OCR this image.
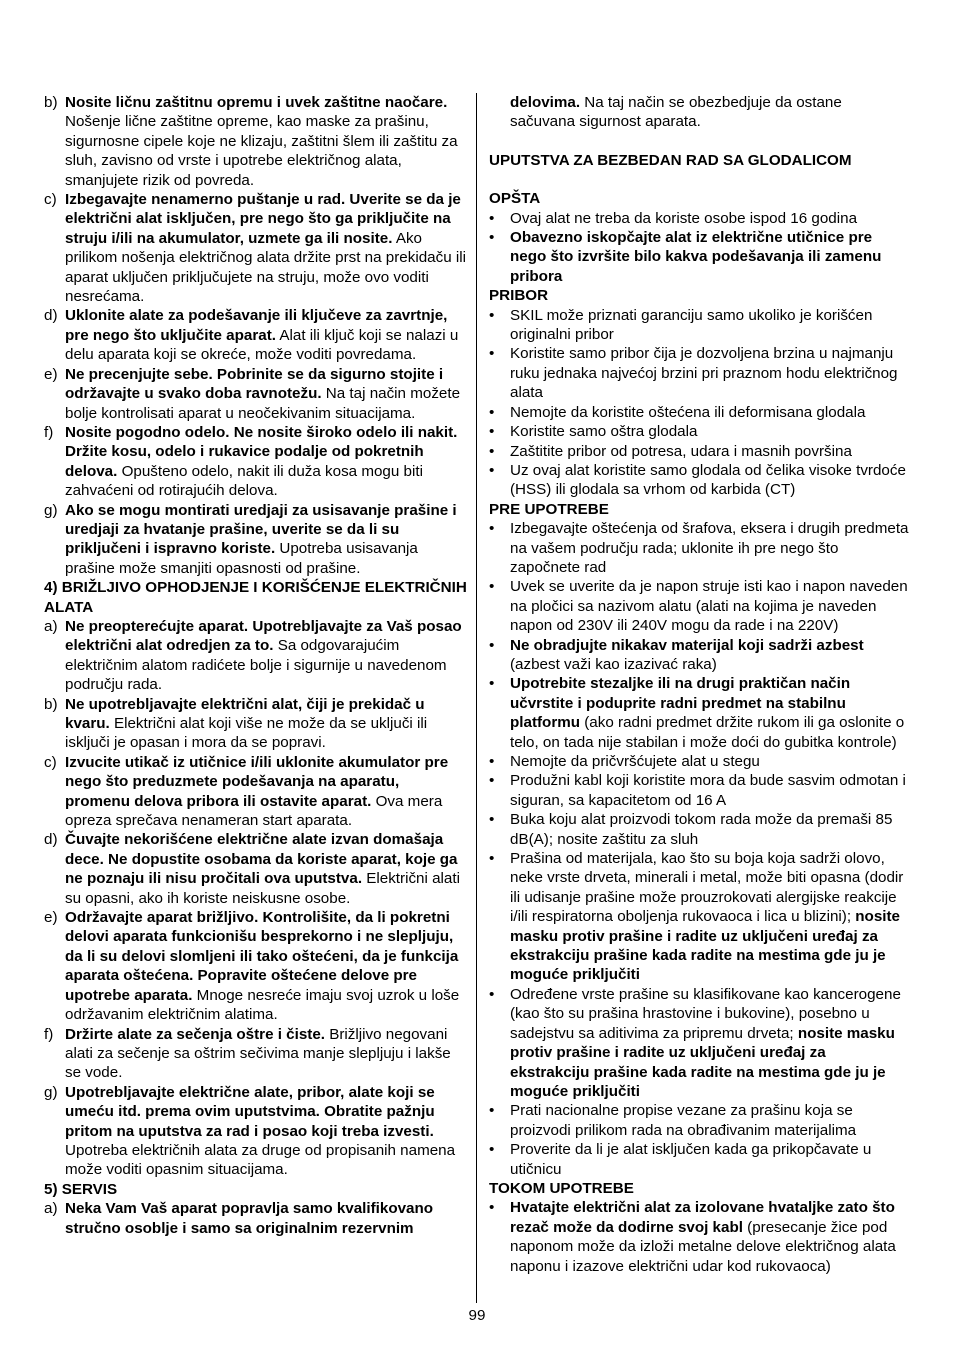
b) Nosite ličnu zaštitnu opremu i uvek zaštitne naočare. Nošenje lične zaštitne opreme, kao maske za prašinu, sigurnosne cipele koje ne klizaju, zaštitni šlem ili zaštitu za sluh, zavisno od vrste i upotrebe električnog alata, smanjujete rizik od povreda.
c) Izbegavajte nenamerno puštanje u rad. Uverite se da je električni alat isključen, pre nego što ga priključite na struju i/ili na akumulator, uzmete ga ili nosite. Ako prilikom nošenja električnog alata držite prst na prekidaču ili aparat uključen priključujete na struju, može ovo voditi nesrećama.
d) Uklonite alate za podešavanje ili ključeve za zavrtnje, pre nego što uključite aparat. Alat ili ključ koji se nalazi u delu aparata koji se okreće, može voditi povredama.
e) Ne precenjujte sebe. Pobrinite se da sigurno stojite i održavajte u svako doba ravnotežu. Na taj način možete bolje kontrolisati aparat u neočekivanim situacijama.
f) Nosite pogodno odelo. Ne nosite široko odelo ili nakit. Držite kosu, odelo i rukavice podalje od pokretnih delova. Opušteno odelo, nakit ili duža kosa mogu biti zahvaćeni od rotirajućih delova.
g) Ako se mogu montirati uredjaji za usisavanje prašine i uredjaji za hvatanje prašine, uverite se da li su priključeni i ispravno koriste. Upotreba usisavanja prašine može smanjiti opasnosti od prašine.
4) BRIŽLJIVO OPHODJENJE I KORIŠĆENJE ELEKTRIČNIH ALATA
a) Ne preopterećujte aparat. Upotrebljavajte za Vaš posao električni alat odredjen za to. Sa odgovarajućim električnim alatom radićete bolje i sigurnije u navedenom području rada.
b) Ne upotrebljavajte električni alat, čiji je prekidač u kvaru. Električni alat koji više ne može da se uključi ili isključi je opasan i mora da se popravi.
c) Izvucite utikač iz utičnice i/ili uklonite akumulator pre nego što preduzmete podešavanja na aparatu, promenu delova pribora ili ostavite aparat. Ova mera opreza sprečava nenameran start aparata.
d) Čuvajte nekorišćene električne alate izvan domašaja dece. Ne dopustite osobama da koriste aparat, koje ga ne poznaju ili nisu pročitali ova uputstva. Električni alati su opasni, ako ih koriste neiskusne osobe.
e) Održavajte aparat brižljivo. Kontrolišite, da li pokretni delovi aparata funkcionišu besprekorno i ne slepljuju, da li su delovi slomljeni ili tako oštećeni, da je funkcija aparata oštećena. Popravite oštećene delove pre upotrebe aparata. Mnoge nesreće imaju svoj uzrok u loše održavanim električnim alatima.
f) Držirte alate za sečenja oštre i čiste. Brižljivo negovani alati za sečenje sa oštrim sečivima manje slepljuju i lakše se vode.
g) Upotrebljavajte električne alate, pribor, alate koji se umeću itd. prema ovim uputstvima. Obratite pažnju pritom na uputstva za rad i posao koji treba izvesti. Upotreba električnih alata za druge od propisanih namena može voditi opasnim situacijama.
5) SERVIS
a) Neka Vam Vaš aparat popravlja samo kvalifikovano stručno osoblje i samo sa originalnim rezervnim
delovima. Na taj način se obezbedjuje da ostane sačuvana sigurnost aparata.
UPUTSTVA ZA BEZBEDAN RAD SA GLODALICOM
OPŠTA
• Ovaj alat ne treba da koriste osobe ispod 16 godina
• Obavezno iskopčajte alat iz električne utičnice pre nego što izvršite bilo kakva podešavanja ili zamenu pribora
PRIBOR
• SKIL može priznati garanciju samo ukoliko je korišćen originalni pribor
• Koristite samo pribor čija je dozvoljena brzina u najmanju ruku jednaka najvećoj brzini pri praznom hodu električnog alata
• Nemojte da koristite oštećena ili deformisana glodala
• Koristite samo oštra glodala
• Zaštitite pribor od potresa, udara i masnih površina
• Uz ovaj alat koristite samo glodala od čelika visoke tvrdoće (HSS) ili glodala sa vrhom od karbida (CT)
PRE UPOTREBE
• Izbegavajte oštećenja od šrafova, eksera i drugih predmeta na vašem području rada; uklonite ih pre nego što započnete rad
• Uvek se uverite da je napon struje isti kao i napon naveden na pločici sa nazivom alatu (alati na kojima je naveden napon od 230V ili 240V mogu da rade i na 220V)
• Ne obradjujte nikakav materijal koji sadrži azbest (azbest važi kao izazivać raka)
• Upotrebite stezaljke ili na drugi praktičan način učvrstite i poduprite radni predmet na stabilnu platformu (ako radni predmet držite rukom ili ga oslonite o telo, on tada nije stabilan i može doći do gubitka kontrole)
• Nemojte da pričvršćujete alat u stegu
• Produžni kabl koji koristite mora da bude sasvim odmotan i siguran, sa kapacitetom od 16 A
• Buka koju alat proizvodi tokom rada može da premaši 85 dB(A); nosite zaštitu za sluh
• Prašina od materijala, kao što su boja koja sadrži olovo, neke vrste drveta, minerali i metal, može biti opasna (dodir ili udisanje prašine može prouzrokovati alergijske reakcije i/ili respiratorna oboljenja rukovaoca i lica u blizini); nosite masku protiv prašine i radite uz uključeni uređaj za ekstrakciju prašine kada radite na mestima gde ju je moguće priključiti
• Određene vrste prašine su klasifikovane kao kancerogene (kao što su prašina hrastovine i bukovine), posebno u sadejstvu sa aditivima za pripremu drveta; nosite masku protiv prašine i radite uz uključeni uređaj za ekstrakciju prašine kada radite na mestima gde ju je moguće priključiti
• Prati nacionalne propise vezane za prašinu koja se proizvodi prilikom rada na obrađivanim materijalima
• Proverite da li je alat isključen kada ga prikopčavate u utičnicu
TOKOM UPOTREBE
• Hvatajte električni alat za izolovane hvataljke zato što rezač može da dodirne svoj kabl (presecanje žice pod naponom može da izloži metalne delove električnog alata naponu i izazove električni udar kod rukovaoca)
99
